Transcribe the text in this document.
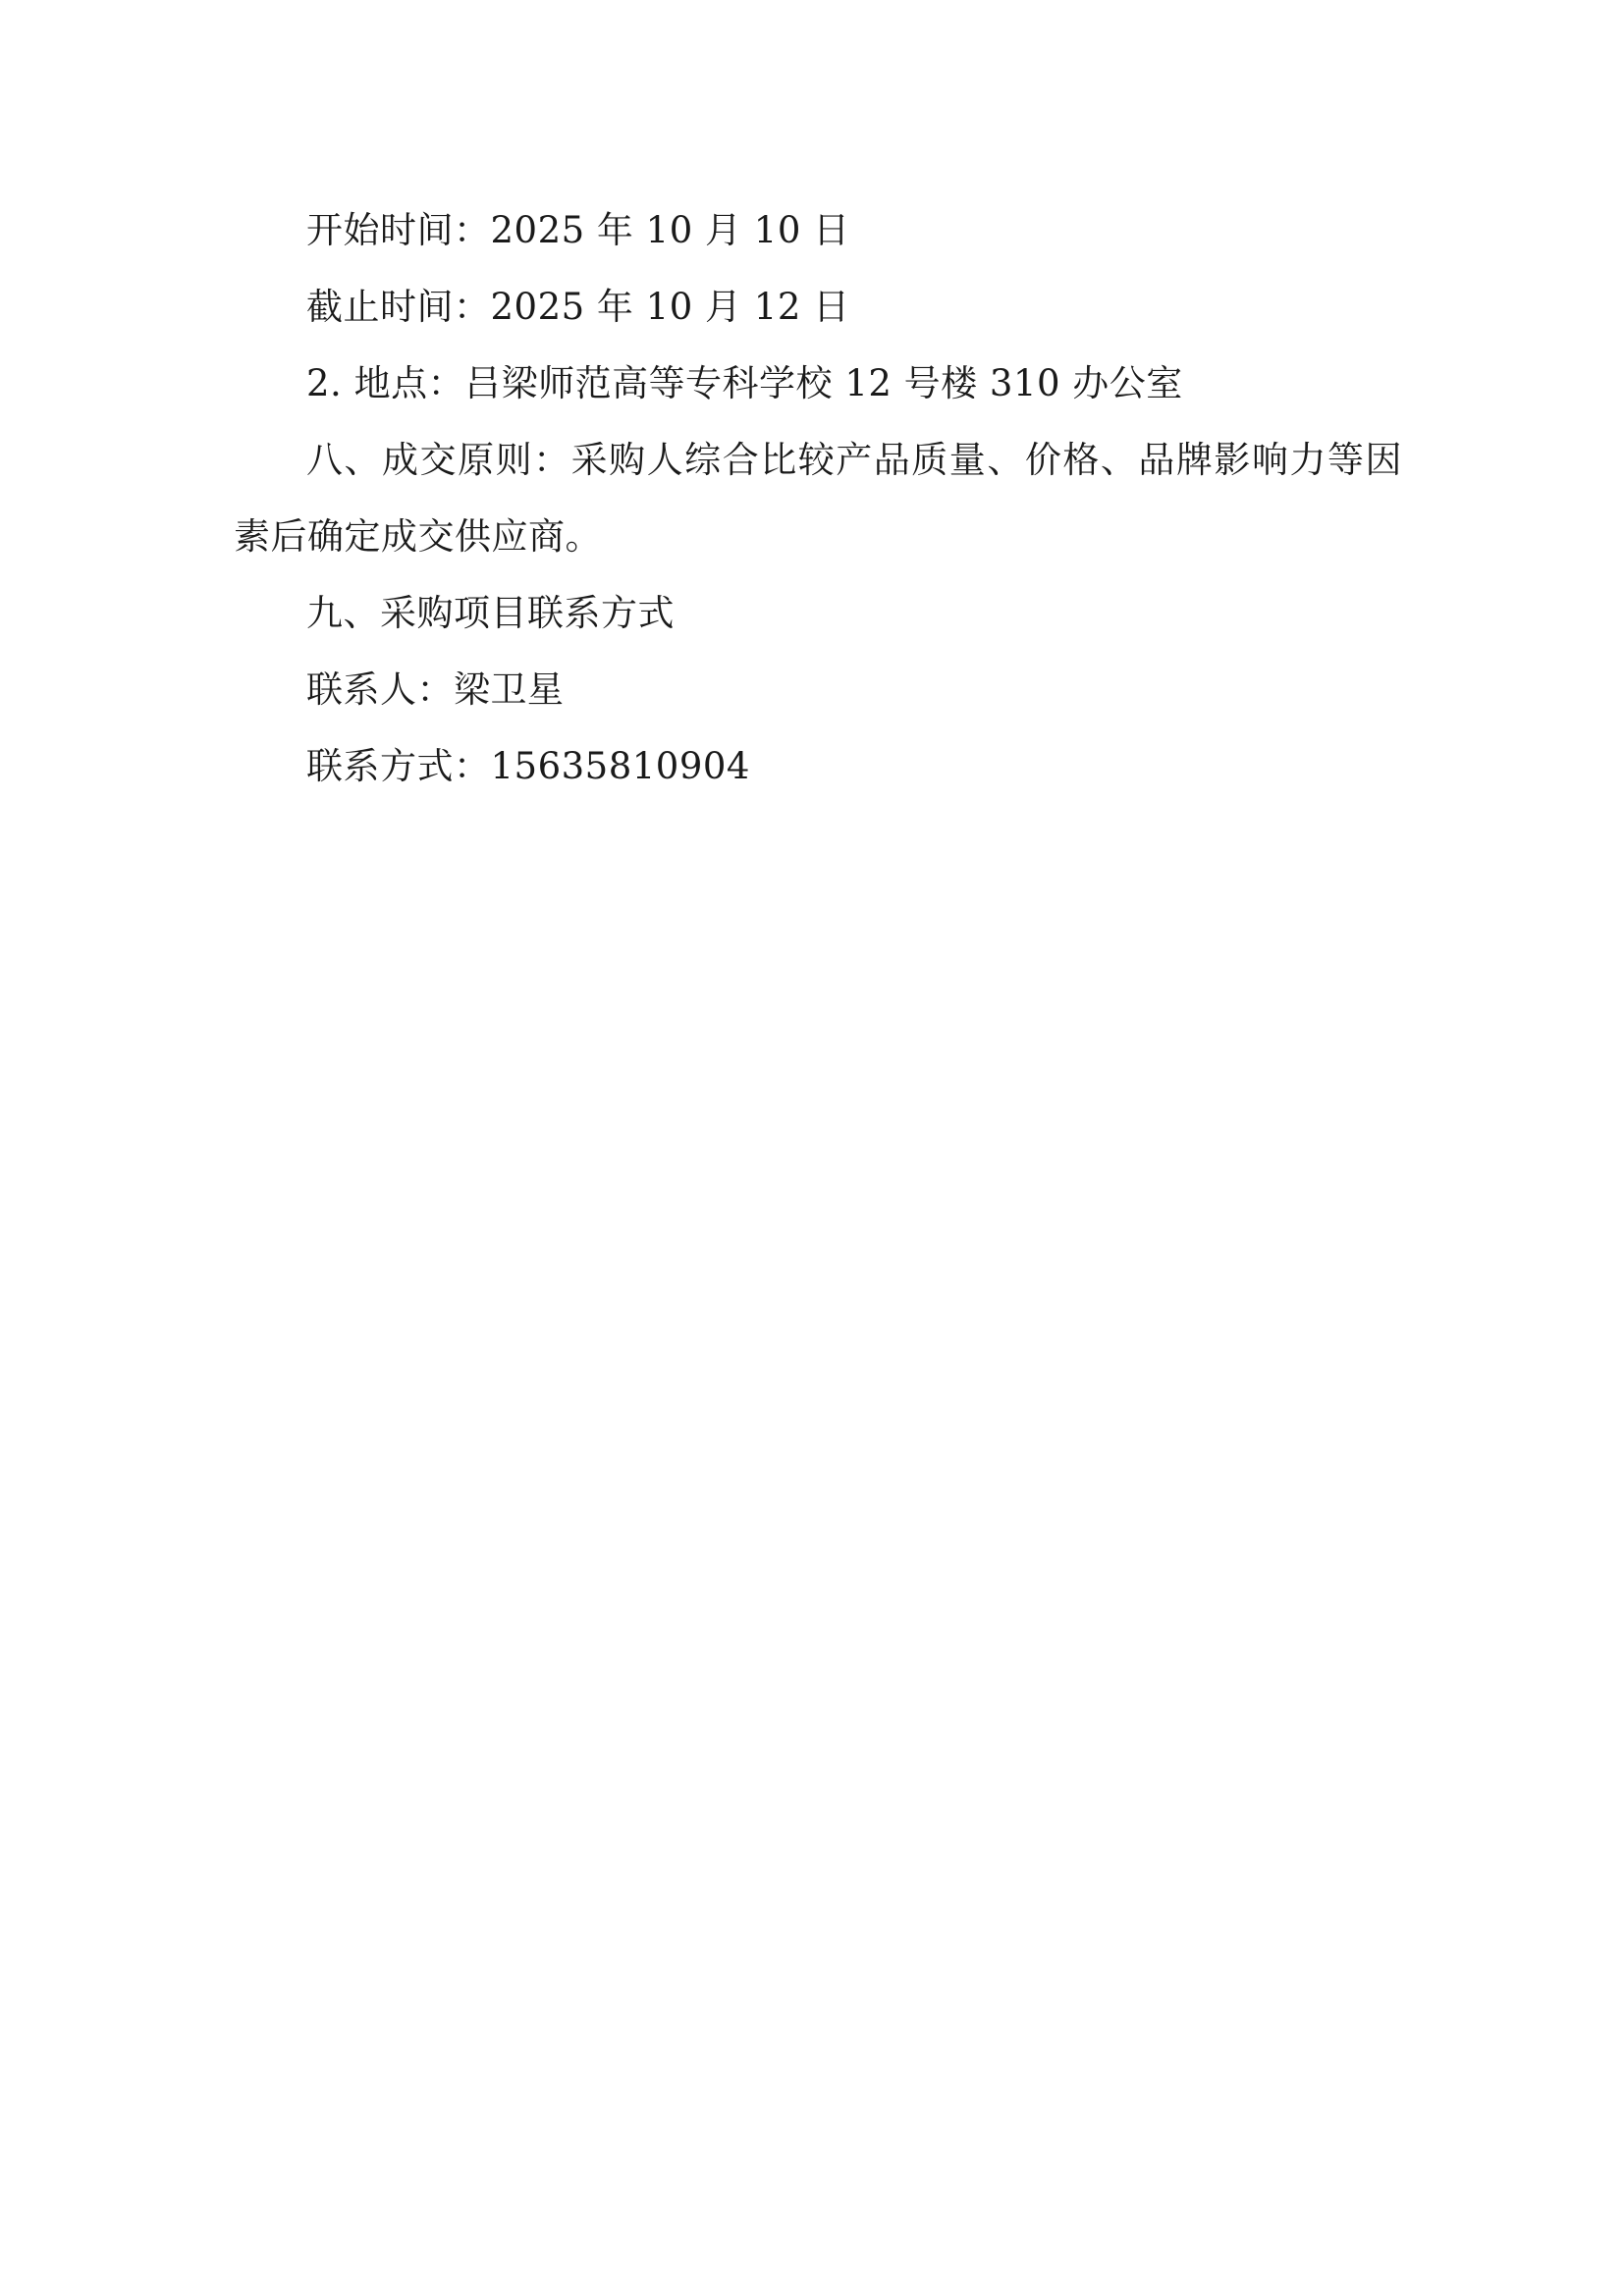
开始时间：2025 年 10 月 10 日

截止时间：2025 年 10 月 12 日

2. 地点：吕梁师范高等专科学校 12 号楼 310 办公室

八、成交原则：采购人综合比较产品质量、价格、品牌影响力等因素后确定成交供应商。

九、采购项目联系方式

联系人：梁卫星

联系方式：15635810904
